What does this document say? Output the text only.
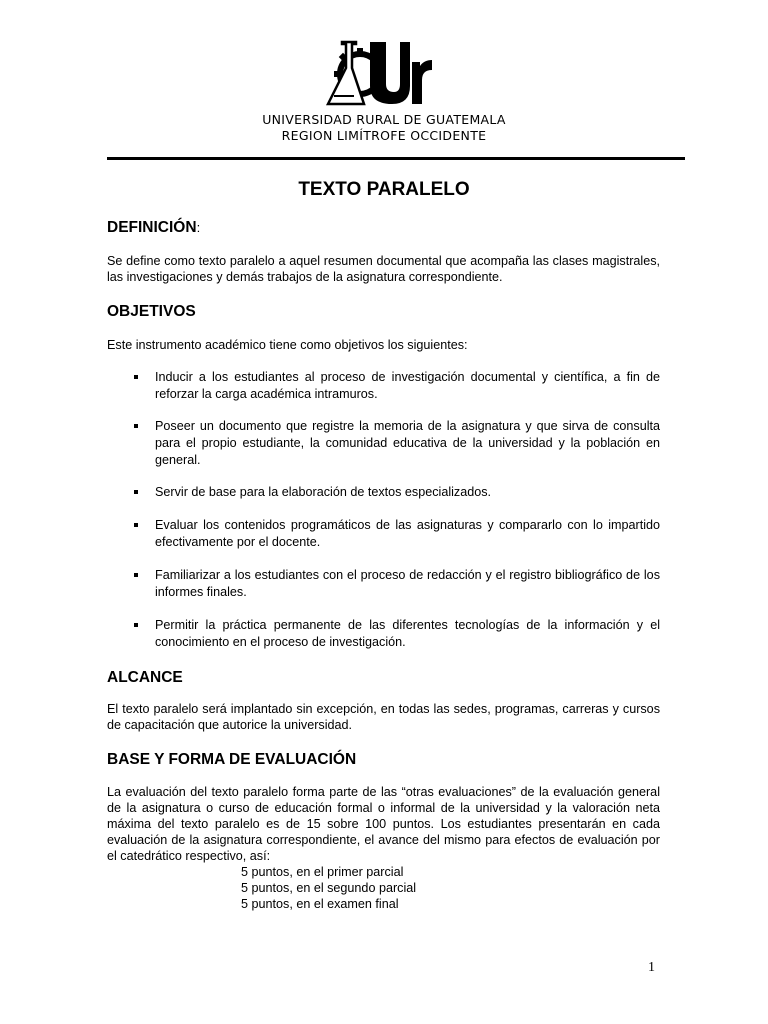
UNIVERSIDAD RURAL DE GUATEMALA
REGION LIMÍTROFE OCCIDENTE
TEXTO PARALELO
DEFINICIÓN:

Se define como texto paralelo a aquel resumen documental que acompaña las clases magistrales, las investigaciones y demás trabajos de la asignatura correspondiente.

OBJETIVOS

Este instrumento académico tiene como objetivos los siguientes:

Inducir a los estudiantes al proceso de investigación documental y científica, a fin de reforzar la carga académica intramuros.
Poseer un documento que registre la memoria de la asignatura y que sirva de consulta para el propio estudiante, la comunidad educativa de la universidad y la población en general.
Servir de base para la elaboración de textos especializados.
Evaluar los contenidos programáticos de las asignaturas y compararlo con lo impartido efectivamente por el docente.
Familiarizar a los estudiantes con el proceso de redacción y el registro bibliográfico de los informes finales.
Permitir la práctica permanente de las diferentes tecnologías de la información y el conocimiento en el proceso de investigación.
ALCANCE

El texto paralelo será implantado sin excepción, en todas las sedes, programas, carreras y cursos de capacitación que autorice la universidad.

BASE Y FORMA DE EVALUACIÓN

La evaluación del texto paralelo forma parte de las “otras evaluaciones” de la evaluación general de la asignatura o curso de educación formal o informal de la universidad y la valoración neta máxima del texto paralelo es de 15 sobre 100 puntos. Los estudiantes presentarán en cada evaluación de la asignatura correspondiente, el avance del mismo para efectos de evaluación por el catedrático respectivo, así:

5 puntos, en el primer parcial
5 puntos, en el segundo parcial
5 puntos, en el examen final
1
